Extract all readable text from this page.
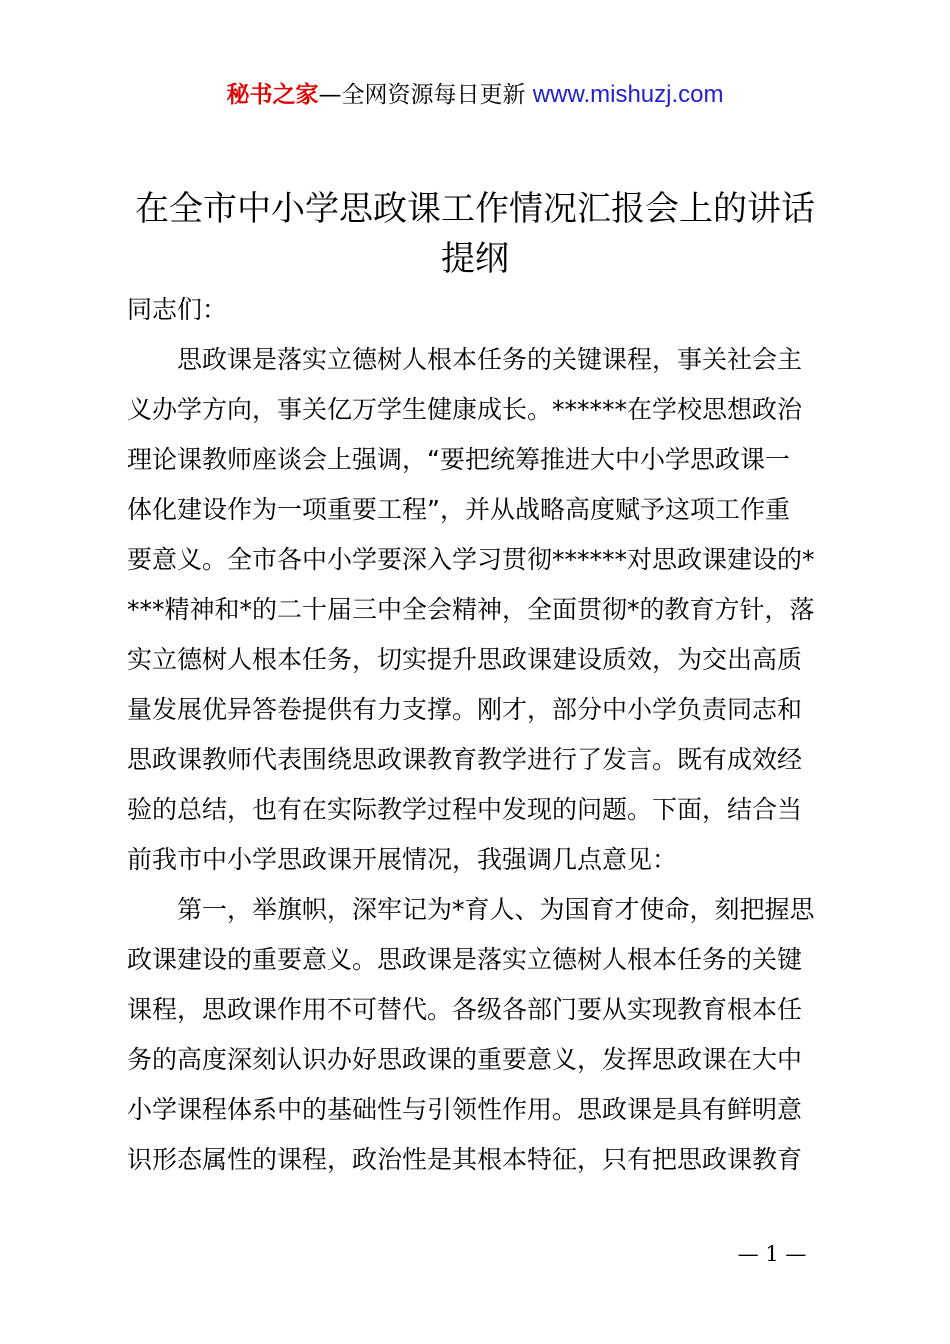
秘书之家—全网资源每日更新 www.mishuzj.com
在全市中小学思政课工作情况汇报会上的讲话
提纲
同志们：
　　思政课是落实立德树人根本任务的关键课程，事关社会主
义办学方向，事关亿万学生健康成长。******在学校思想政治
理论课教师座谈会上强调，“要把统筹推进大中小学思政课一
体化建设作为一项重要工程”，并从战略高度赋予这项工作重
要意义。全市各中小学要深入学习贯彻******对思政课建设的*
***精神和*的二十届三中全会精神，全面贯彻*的教育方针，落
实立德树人根本任务，切实提升思政课建设质效，为交出高质
量发展优异答卷提供有力支撑。刚才，部分中小学负责同志和
思政课教师代表围绕思政课教育教学进行了发言。既有成效经
验的总结，也有在实际教学过程中发现的问题。下面，结合当
前我市中小学思政课开展情况，我强调几点意见：
　　第一，举旗帜，深牢记为*育人、为国育才使命，刻把握思
政课建设的重要意义。思政课是落实立德树人根本任务的关键
课程，思政课作用不可替代。各级各部门要从实现教育根本任
务的高度深刻认识办好思政课的重要意义，发挥思政课在大中
小学课程体系中的基础性与引领性作用。思政课是具有鲜明意
识形态属性的课程，政治性是其根本特征，只有把思政课教育
— 1 —
